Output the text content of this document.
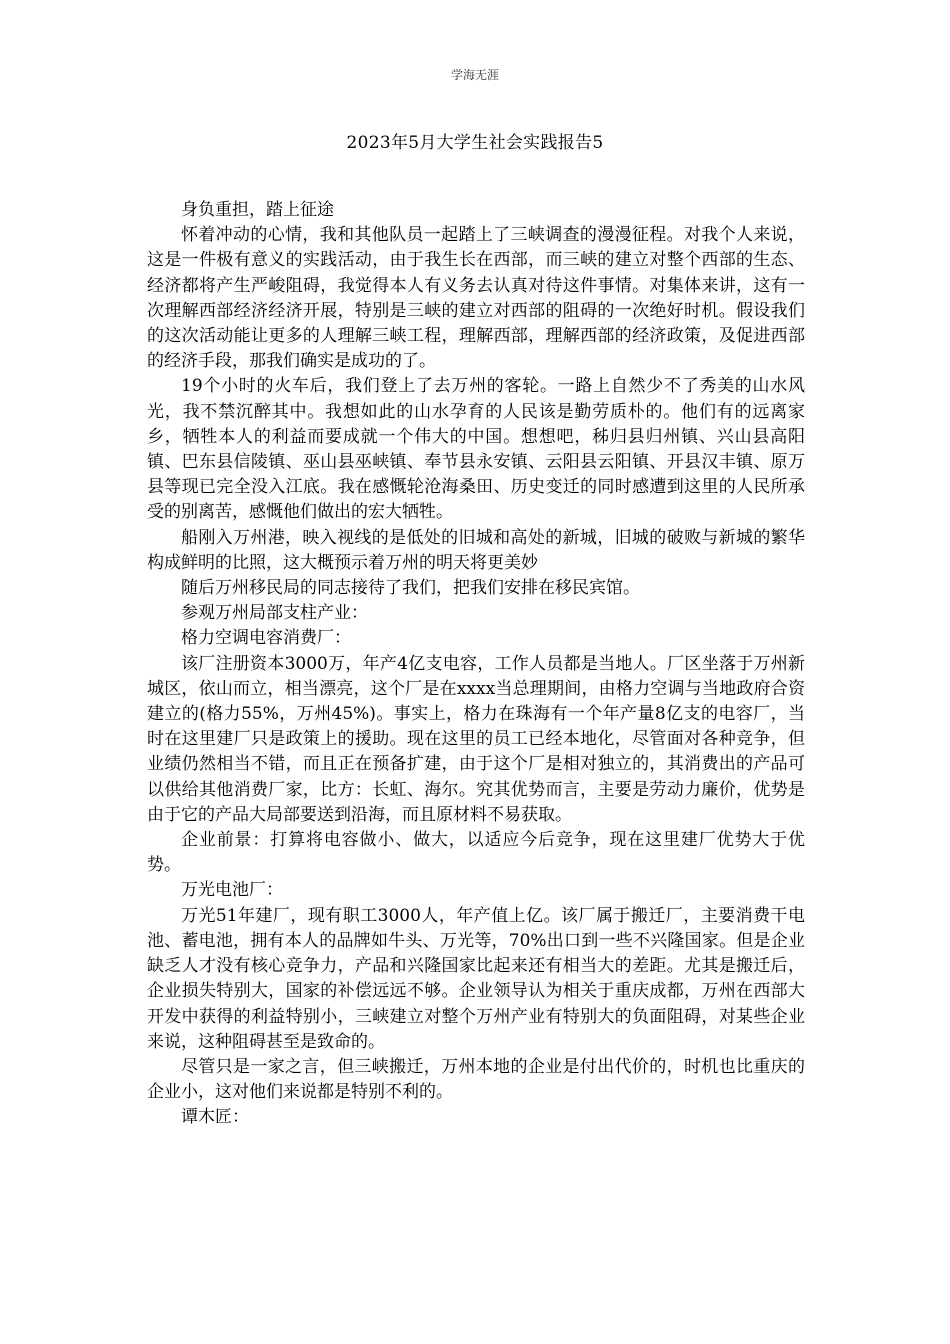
学海无涯
2023年5月大学生社会实践报告5

身负重担，踏上征途

怀着冲动的心情，我和其他队员一起踏上了三峡调查的漫漫征程。对我个人来说，这是一件极有意义的实践活动，由于我生长在西部，而三峡的建立对整个西部的生态、经济都将产生严峻阻碍，我觉得本人有义务去认真对待这件事情。对集体来讲，这有一次理解西部经济经济开展，特别是三峡的建立对西部的阻碍的一次绝好时机。假设我们的这次活动能让更多的人理解三峡工程，理解西部，理解西部的经济政策，及促进西部的经济手段，那我们确实是成功的了。

19个小时的火车后，我们登上了去万州的客轮。一路上自然少不了秀美的山水风光，我不禁沉醉其中。我想如此的山水孕育的人民该是勤劳质朴的。他们有的远离家乡，牺牲本人的利益而要成就一个伟大的中国。想想吧，秭归县归州镇、兴山县高阳镇、巴东县信陵镇、巫山县巫峡镇、奉节县永安镇、云阳县云阳镇、开县汉丰镇、原万县等现已完全没入江底。我在感慨轮沧海桑田、历史变迁的同时感遭到这里的人民所承受的别离苦，感慨他们做出的宏大牺牲。

船刚入万州港，映入视线的是低处的旧城和高处的新城，旧城的破败与新城的繁华构成鲜明的比照，这大概预示着万州的明天将更美妙

随后万州移民局的同志接待了我们，把我们安排在移民宾馆。

参观万州局部支柱产业：

格力空调电容消费厂：

该厂注册资本3000万，年产4亿支电容，工作人员都是当地人。厂区坐落于万州新城区，依山而立，相当漂亮，这个厂是在xxxx当总理期间，由格力空调与当地政府合资建立的(格力55%，万州45%)。事实上，格力在珠海有一个年产量8亿支的电容厂，当时在这里建厂只是政策上的援助。现在这里的员工已经本地化，尽管面对各种竞争，但业绩仍然相当不错，而且正在预备扩建，由于这个厂是相对独立的，其消费出的产品可以供给其他消费厂家，比方：长虹、海尔。究其优势而言，主要是劳动力廉价，优势是由于它的产品大局部要送到沿海，而且原材料不易获取。

企业前景：打算将电容做小、做大，以适应今后竞争，现在这里建厂优势大于优势。

万光电池厂：

万光51年建厂，现有职工3000人，年产值上亿。该厂属于搬迁厂，主要消费干电池、蓄电池，拥有本人的品牌如牛头、万光等，70%出口到一些不兴隆国家。但是企业缺乏人才没有核心竞争力，产品和兴隆国家比起来还有相当大的差距。尤其是搬迁后，企业损失特别大，国家的补偿远远不够。企业领导认为相关于重庆成都，万州在西部大开发中获得的利益特别小，三峡建立对整个万州产业有特别大的负面阻碍，对某些企业来说，这种阻碍甚至是致命的。

尽管只是一家之言，但三峡搬迁，万州本地的企业是付出代价的，时机也比重庆的企业小，这对他们来说都是特别不利的。

谭木匠：
